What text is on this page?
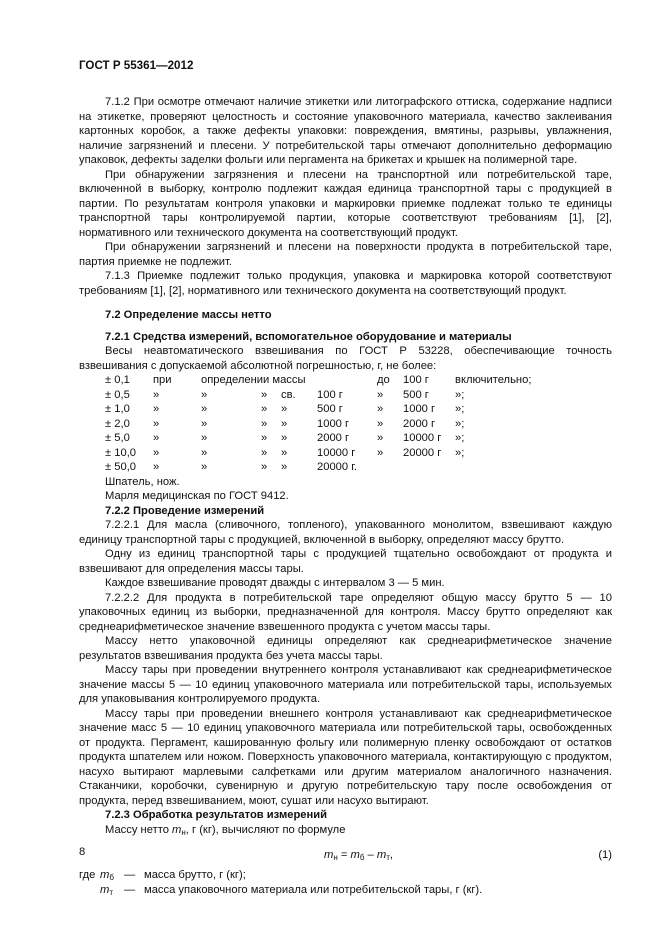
ГОСТ Р 55361—2012

7.1.2 При осмотре отмечают наличие этикетки или литографского оттиска, содержание надписи на этикетке, проверяют целостность и состояние упаковочного материала, качество заклеивания картонных коробок, а также дефекты упаковки: повреждения, вмятины, разрывы, увлажнения, наличие загрязнений и плесени. У потребительской тары отмечают дополнительно деформацию упаковок, дефекты заделки фольги или пергамента на брикетах и крышек на полимерной таре.

При обнаружении загрязнения и плесени на транспортной или потребительской таре, включенной в выборку, контролю подлежит каждая единица транспортной тары с продукцией в партии. По результатам контроля упаковки и маркировки приемке подлежат только те единицы транспортной тары контролируемой партии, которые соответствуют требованиям [1], [2], нормативного или технического документа на соответствующий продукт.

При обнаружении загрязнений и плесени на поверхности продукта в потребительской таре, партия приемке не подлежит.

7.1.3 Приемке подлежит только продукция, упаковка и маркировка которой соответствуют требованиям [1], [2], нормативного или технического документа на соответствующий продукт.

7.2 Определение массы нетто

7.2.1 Средства измерений, вспомогательное оборудование и материалы

Весы неавтоматического взвешивания по ГОСТ Р 53228, обеспечивающие точность взвешивания с допускаемой абсолютной погрешностью, г, не более:

± 0,1	при	определении массы				до	100 г	включительно;
± 0,5	»	»	»	св.	100 г	»	500 г	»;
± 1,0	»	»	»	»	500 г	»	1000 г	»;
± 2,0	»	»	»	»	1000 г	»	2000 г	»;
± 5,0	»	»	»	»	2000 г	»	10000 г	»;
± 10,0	»	»	»	»	10000 г	»	20000 г	»;
± 50,0	»	»	»	»	20000 г.			

Шпатель, нож.

Марля медицинская по ГОСТ 9412.

7.2.2 Проведение измерений

7.2.2.1 Для масла (сливочного, топленого), упакованного монолитом, взвешивают каждую единицу транспортной тары с продукцией, включенной в выборку, определяют массу брутто.

Одну из единиц транспортной тары с продукцией тщательно освобождают от продукта и взвешивают для определения массы тары.

Каждое взвешивание проводят дважды с интервалом 3 — 5 мин.

7.2.2.2 Для продукта в потребительской таре определяют общую массу брутто 5 — 10 упаковочных единиц из выборки, предназначенной для контроля. Массу брутто определяют как среднеарифметическое значение взвешенного продукта с учетом массы тары.

Массу нетто упаковочной единицы определяют как среднеарифметическое значение результатов взвешивания продукта без учета массы тары.

Массу тары при проведении внутреннего контроля устанавливают как среднеарифметическое значение массы 5 — 10 единиц упаковочного материала или потребительской тары, используемых для упаковывания контролируемого продукта.

Массу тары при проведении внешнего контроля устанавливают как среднеарифметическое значение масс 5 — 10 единиц упаковочного материала или потребительской тары, освобожденных от продукта. Пергамент, кашированную фольгу или полимерную пленку освобождают от остатков продукта шпателем или ножом. Поверхность упаковочного материала, контактирующую с продуктом, насухо вытирают марлевыми салфетками или другим материалом аналогичного назначения. Стаканчики, коробочки, сувенирную и другую потребительскую тару после освобождения от продукта, перед взвешиванием, моют, сушат или насухо вытирают.

7.2.3 Обработка результатов измерений

Массу нетто $m_н$, г (кг), вычисляют по формуле

$m_н = m_б - m_т$,	(1)
где $m_б$ — масса брутто, г (кг);
$m_т$ — масса упаковочного материала или потребительской тары, г (кг).
8
